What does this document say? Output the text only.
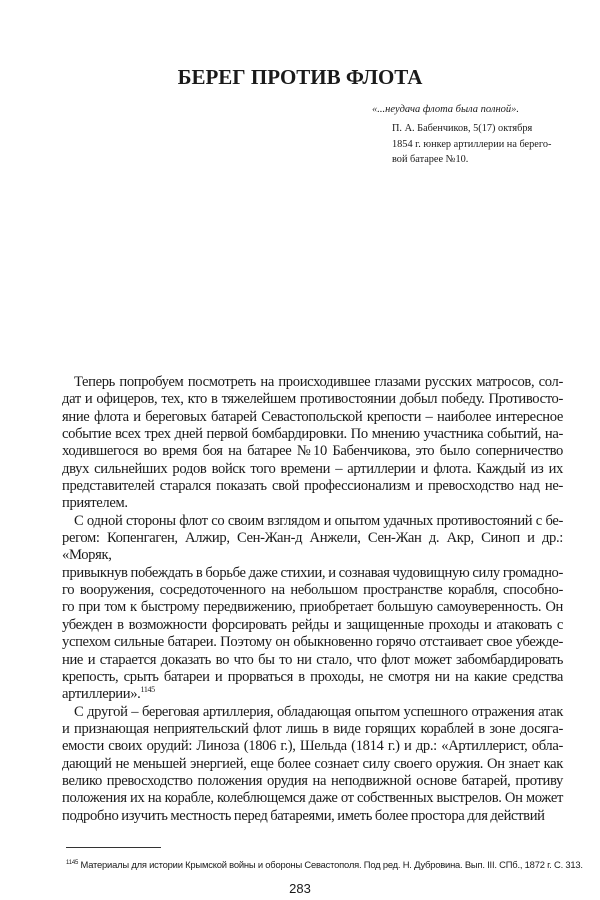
БЕРЕГ ПРОТИВ ФЛОТА
«...неудача флота была полной».
П. А. Бабенчиков, 5(17) октября
1854 г. юнкер артиллерии на берего-
вой батарее №10.
Теперь попробуем посмотреть на происходившее глазами русских матросов, сол-
дат и офицеров, тех, кто в тяжелейшем противостоянии добыл победу. Противосто-
яние флота и береговых батарей Севастопольской крепости – наиболее интересное
событие всех трех дней первой бомбардировки. По мнению участника событий, на-
ходившегося во время боя на батарее №10 Бабенчикова, это было соперничество
двух сильнейших родов войск того времени – артиллерии и флота. Каждый из их
представителей старался показать свой профессионализм и превосходство над не-
приятелем.
С одной стороны флот со своим взглядом и опытом удачных противостояний с бе-
регом: Копенгаген, Алжир, Сен-Жан-д Анжели, Сен-Жан д. Акр, Синоп и др.: «Моряк,
привыкнув побеждать в борьбе даже стихии, и сознавая чудовищную силу громадно-
го вооружения, сосредоточенного на небольшом пространстве корабля, способно-
го при том к быстрому передвижению, приобретает большую самоуверенность. Он
убежден в возможности форсировать рейды и защищенные проходы и атаковать с
успехом сильные батареи. Поэтому он обыкновенно горячо отстаивает свое убежде-
ние и старается доказать во что бы то ни стало, что флот может забомбардировать
крепость, срыть батареи и прорваться в проходы, не смотря ни на какие средства
артиллерии».$^{1145}$
С другой – береговая артиллерия, обладающая опытом успешного отражения атак
и признающая неприятельский флот лишь в виде горящих кораблей в зоне досяга-
емости своих орудий: Линоза (1806 г.), Шельда (1814 г.) и др.: «Артиллерист, обла-
дающий не меньшей энергией, еще более сознает силу своего оружия. Он знает как
велико превосходство положения орудия на неподвижной основе батарей, противу
положения их на корабле, колеблющемся даже от собственных выстрелов. Он может
подробно изучить местность перед батареями, иметь более простора для действий
$^{1145}$ Материалы для истории Крымской войны и обороны Севастополя. Под ред. Н. Дубровина. Вып. III. СПб., 1872 г. С. 313.
283
